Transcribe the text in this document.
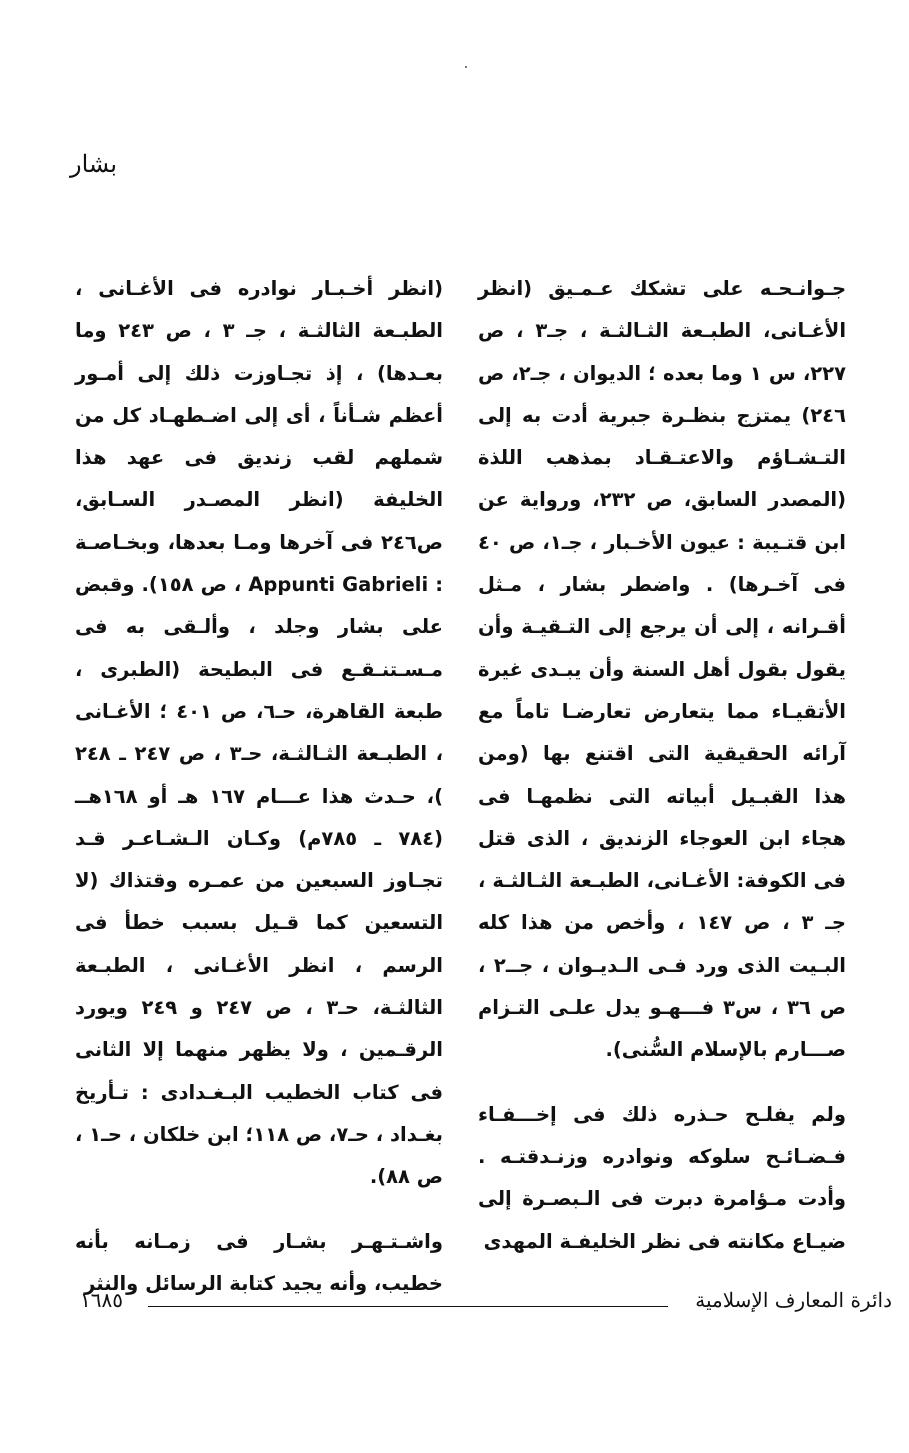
بشار

جـوانـحـه على تشكك عـمـيق (انظر الأغـانى، الطبـعة الثـالثـة ، جـ٣ ، ص ٢٢٧، س ١ وما بعده ؛ الديوان ، جـ٢، ص ٢٤٦) يمتزج بنظـرة جبرية أدت به إلى التـشـاؤم والاعتـقـاد بمذهب اللذة (المصدر السابق، ص ٢٣٢، ورواية عن ابن قتـيبة : عيون الأخـبار ، جـ١، ص ٤٠ فى آخـرها) . واضطر بشار ، مـثل أقـرانه ، إلى أن يرجع إلى التـقيـة وأن يقول بقول أهل السنة وأن يبـدى غيرة الأتقيـاء مما يتعارض تعارضـا تاماً مع آرائه الحقيقية التى اقتنع بها (ومن هذا القبـيل أبياته التى نظمهـا فى هجاء ابن العوجاء الزنديق ، الذى قتل فى الكوفة: الأغـانى، الطبـعة الثـالثـة ، جـ ٣ ، ص ١٤٧ ، وأخص من هذا كله البـيت الذى ورد فـى الـديـوان ، جــ٢ ، ص ٣٦ ، س٣ فـــهـو يدل علـى التـزام صـــارم بالإسلام السُّنى).

ولم يفلـح حـذره ذلك فى إخـــفـاء فـضـائـح سلوكه ونوادره وزنـدقتـه . وأدت مـؤامرة دبرت فى الـبصـرة إلى ضيـاع مكانته فى نظر الخليفـة المهدى

(انظر أخـبـار نوادره فى الأغـانى ، الطبـعة الثالثـة ، جـ ٣ ، ص ٢٤٣ وما بعـدها) ، إذ تجـاوزت ذلك إلى أمـور أعظم شـأناً ، أى إلى اضـطهـاد كل من شملهم لقب زنديق فى عهد هذا الخليفة (انظر المصـدر السـابق، ص٢٤٦ فى آخرها ومـا بعدها، وبخـاصـة : Appunti Gabrieli ، ص ١٥٨). وقبض على بشار وجلد ، وألـقى به فى مـسـتنـقـع فى البطيحة (الطبرى ، طبعة القاهرة، حـ٦، ص ٤٠١ ؛ الأغـانى ، الطبـعة الثـالثـة، حـ٣ ، ص ٢٤٧ ـ ٢٤٨ )، حـدث هذا عـــام ١٦٧ هـ أو ١٦٨هــ (٧٨٤ ـ ٧٨٥م) وكـان الـشـاعـر قـد تجـاوز السبعين من عمـره وقتذاك (لا التسعين كما قـيل بسبب خطأ فى الرسم ، انظر الأغـانى ، الطبـعة الثالثـة، حـ٣ ، ص ٢٤٧ و ٢٤٩ ويورد الرقـمين ، ولا يظهر منهما إلا الثانى فى كتاب الخطيب البـغـدادى : تـأريخ بغـداد ، حـ٧، ص ١١٨؛ ابن خلكان ، حـ١ ، ص ٨٨).

واشـتـهـر بشـار فى زمـانه بأنه خطيب، وأنه يجيد كتابة الرسائل والنثر

دائرة المعارف الإسلامية
١٦٨٥
